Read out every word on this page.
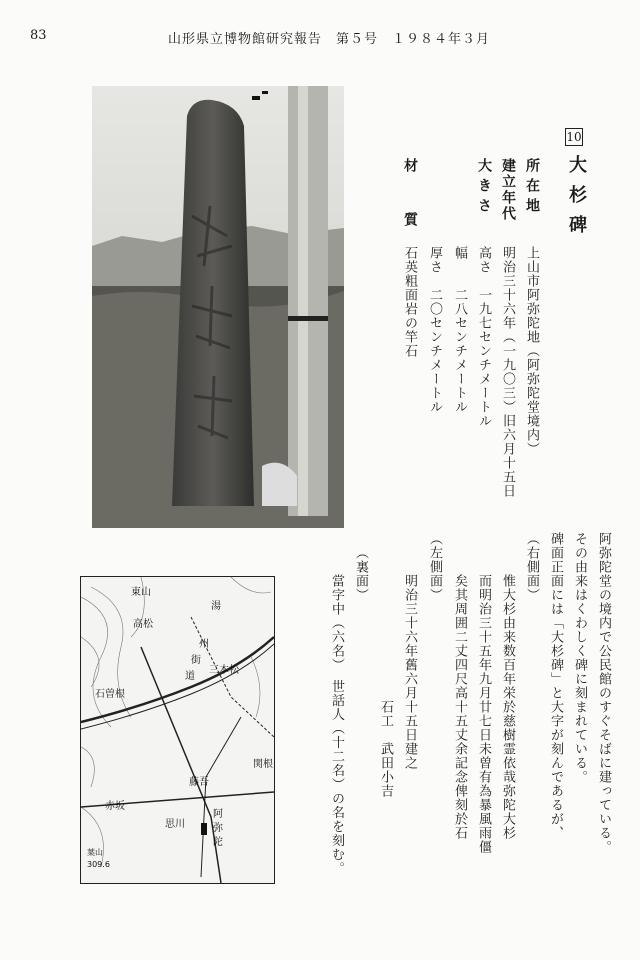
83	山形県立博物館研究報告　第５号　１９８４年３月
10
大杉碑
所在地
建立年代
大きさ
材質
上山市阿弥陀地（阿弥陀堂境内）
明治三十六年（一九〇三）旧六月十五日
高さ　一九七センチメートル
幅　　二八センチメートル
厚さ　二〇センチメートル
石英粗面岩の竿石
阿弥陀堂の境内で公民館のすぐそばに建っている。
その由来はくわしく碑に刻まれている。
碑面正面には「大杉碑」と大字が刻んであるが、
（右側面）
惟大杉由来数百年栄於慈樹霊依哉弥陀大杉
而明治三十五年九月廿七日未曽有為暴風雨僵
矣其周囲二丈四尺高十五丈余記念俾刻於石
（左側面）
明治三十六年舊六月十五日建之
石工　武田小吉
（裏面）
當字中（六名）　世話人（十二名）の名を刻む。
東山
高松
石曽根
湯
州
街
道
三本松
関根
藤吾
赤坂
思川
阿
弥
陀
葉山
309.6
